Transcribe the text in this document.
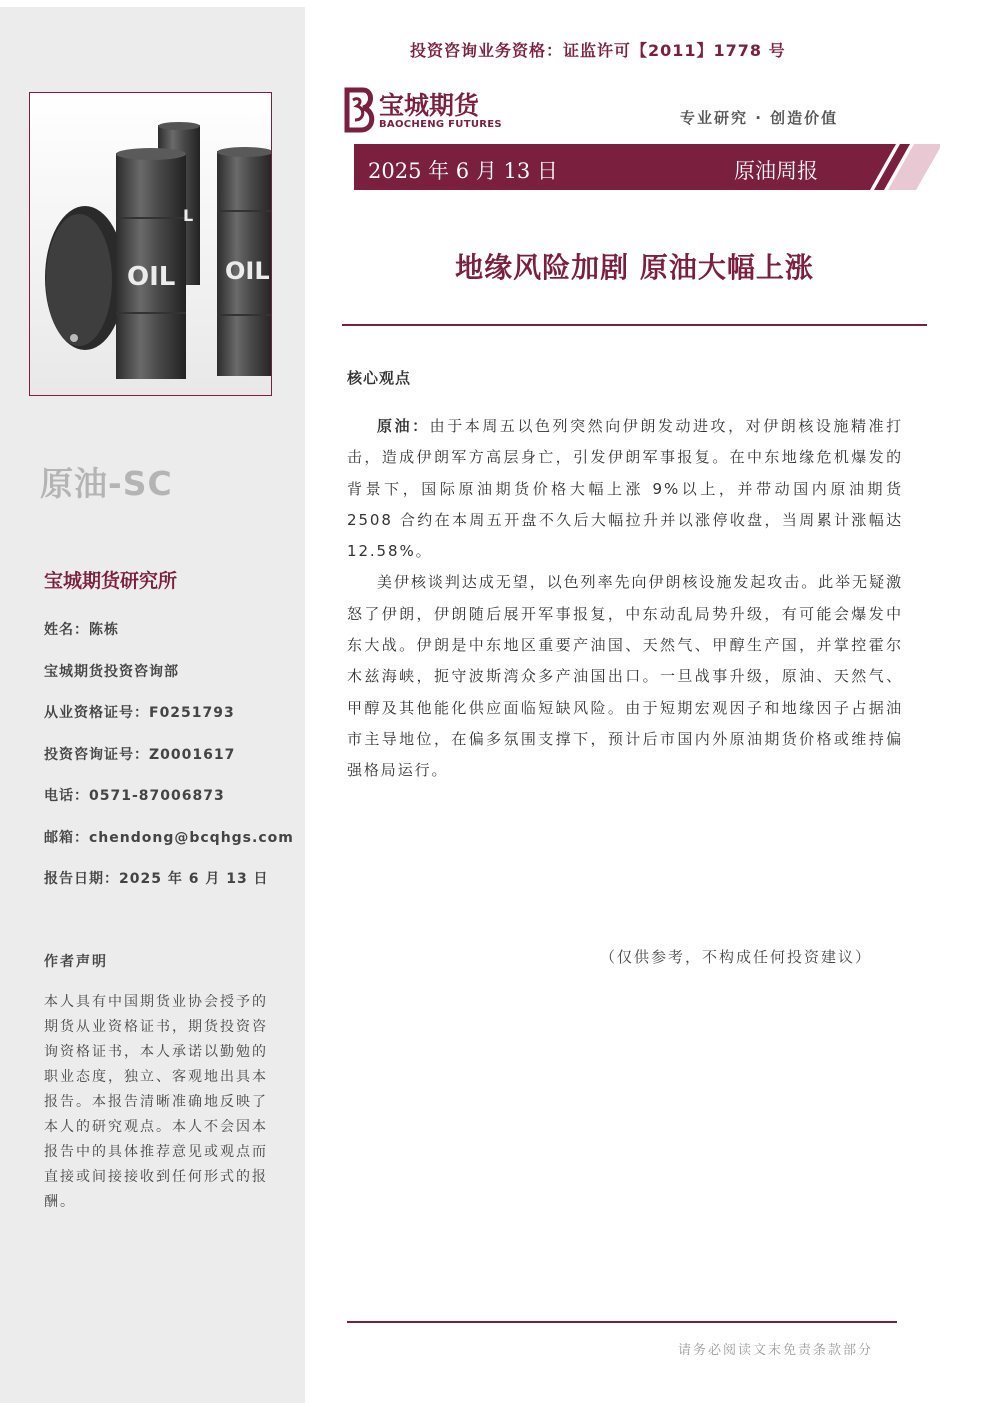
OIL OIL
L
原油-SC
宝城期货研究所
姓名：陈栋
宝城期货投资咨询部
从业资格证号：F0251793
投资咨询证号：Z0001617
电话：0571-87006873
邮箱：chendong@bcqhgs.com
报告日期：2025 年 6 月 13 日
作者声明
本人具有中国期货业协会授予的期货从业资格证书，期货投资咨询资格证书，本人承诺以勤勉的职业态度，独立、客观地出具本报告。本报告清晰准确地反映了本人的研究观点。本人不会因本报告中的具体推荐意见或观点而直接或间接接收到任何形式的报酬。
投资咨询业务资格：证监许可【2011】1778 号
宝城期货
BAOCHENG FUTURES	专业研究 · 创造价值
2025 年 6 月 13 日	原油周报
地缘风险加剧 原油大幅上涨
核心观点

原油：由于本周五以色列突然向伊朗发动进攻，对伊朗核设施精准打击，造成伊朗军方高层身亡，引发伊朗军事报复。在中东地缘危机爆发的背景下，国际原油期货价格大幅上涨 9%以上，并带动国内原油期货 2508 合约在本周五开盘不久后大幅拉升并以涨停收盘，当周累计涨幅达 12.58%。

美伊核谈判达成无望，以色列率先向伊朗核设施发起攻击。此举无疑激怒了伊朗，伊朗随后展开军事报复，中东动乱局势升级，有可能会爆发中东大战。伊朗是中东地区重要产油国、天然气、甲醇生产国，并掌控霍尔木兹海峡，扼守波斯湾众多产油国出口。一旦战事升级，原油、天然气、甲醇及其他能化供应面临短缺风险。由于短期宏观因子和地缘因子占据油市主导地位，在偏多氛围支撑下，预计后市国内外原油期货价格或维持偏强格局运行。

（仅供参考，不构成任何投资建议）
请务必阅读文末免责条款部分
